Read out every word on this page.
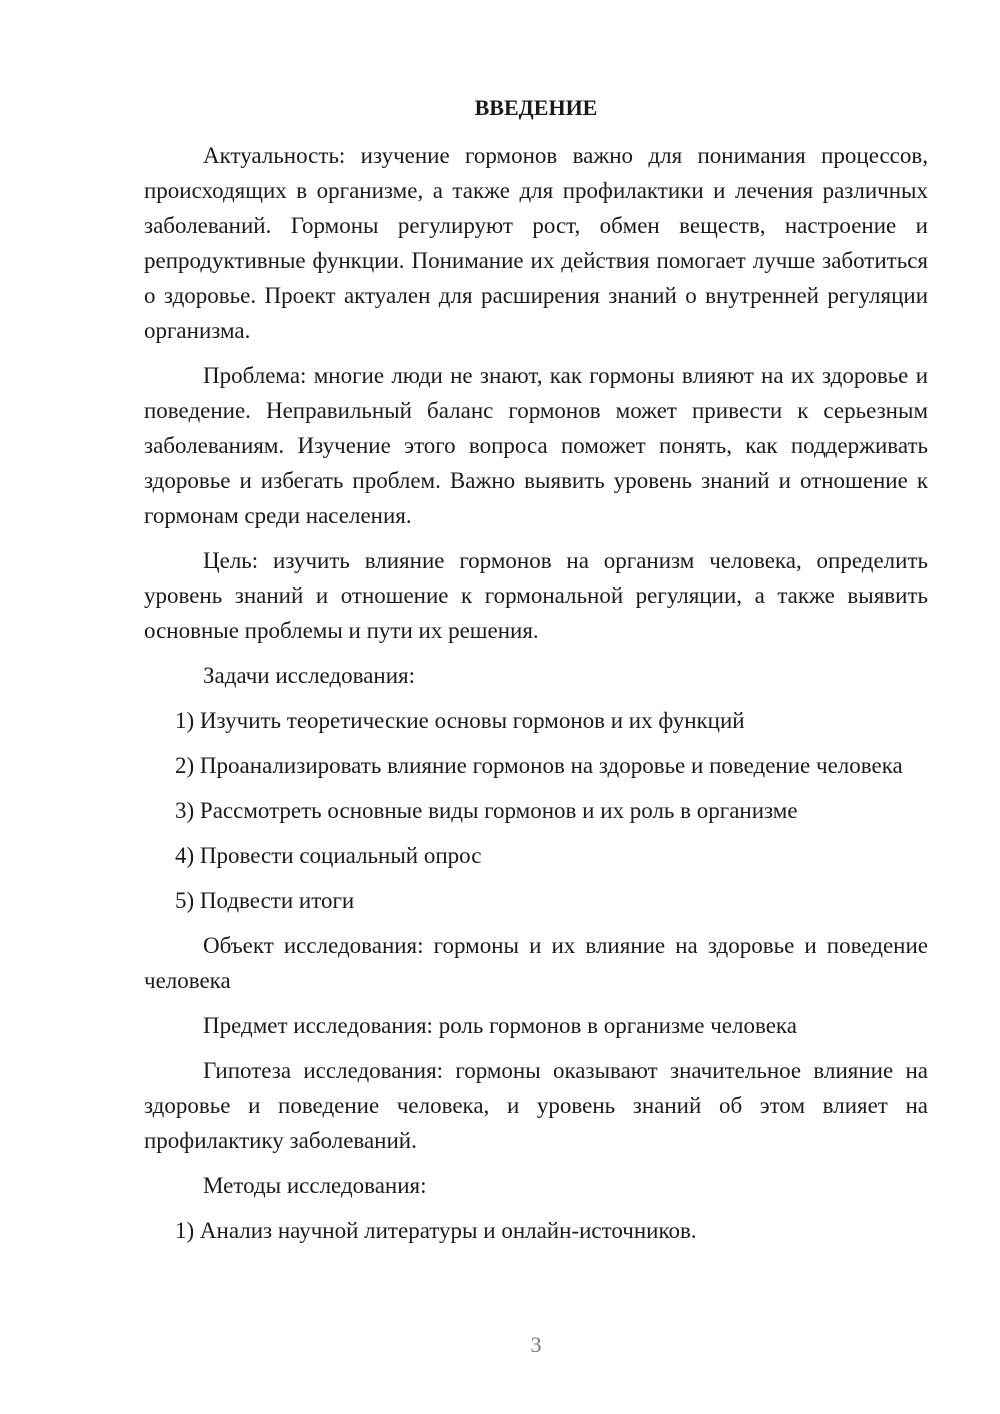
ВВЕДЕНИЕ

Актуальность: изучение гормонов важно для понимания процессов, происходящих в организме, а также для профилактики и лечения различных заболеваний. Гормоны регулируют рост, обмен веществ, настроение и репродуктивные функции. Понимание их действия помогает лучше заботиться о здоровье. Проект актуален для расширения знаний о внутренней регуляции организма.

Проблема: многие люди не знают, как гормоны влияют на их здоровье и поведение. Неправильный баланс гормонов может привести к серьезным заболеваниям. Изучение этого вопроса поможет понять, как поддерживать здоровье и избегать проблем. Важно выявить уровень знаний и отношение к гормонам среди населения.

Цель: изучить влияние гормонов на организм человека, определить уровень знаний и отношение к гормональной регуляции, а также выявить основные проблемы и пути их решения.

Задачи исследования:

1) Изучить теоретические основы гормонов и их функций

2) Проанализировать влияние гормонов на здоровье и поведение человека

3) Рассмотреть основные виды гормонов и их роль в организме

4) Провести социальный опрос

5) Подвести итоги

Объект исследования: гормоны и их влияние на здоровье и поведение человека

Предмет исследования: роль гормонов в организме человека

Гипотеза исследования: гормоны оказывают значительное влияние на здоровье и поведение человека, и уровень знаний об этом влияет на профилактику заболеваний.

Методы исследования:

1) Анализ научной литературы и онлайн-источников.

3
